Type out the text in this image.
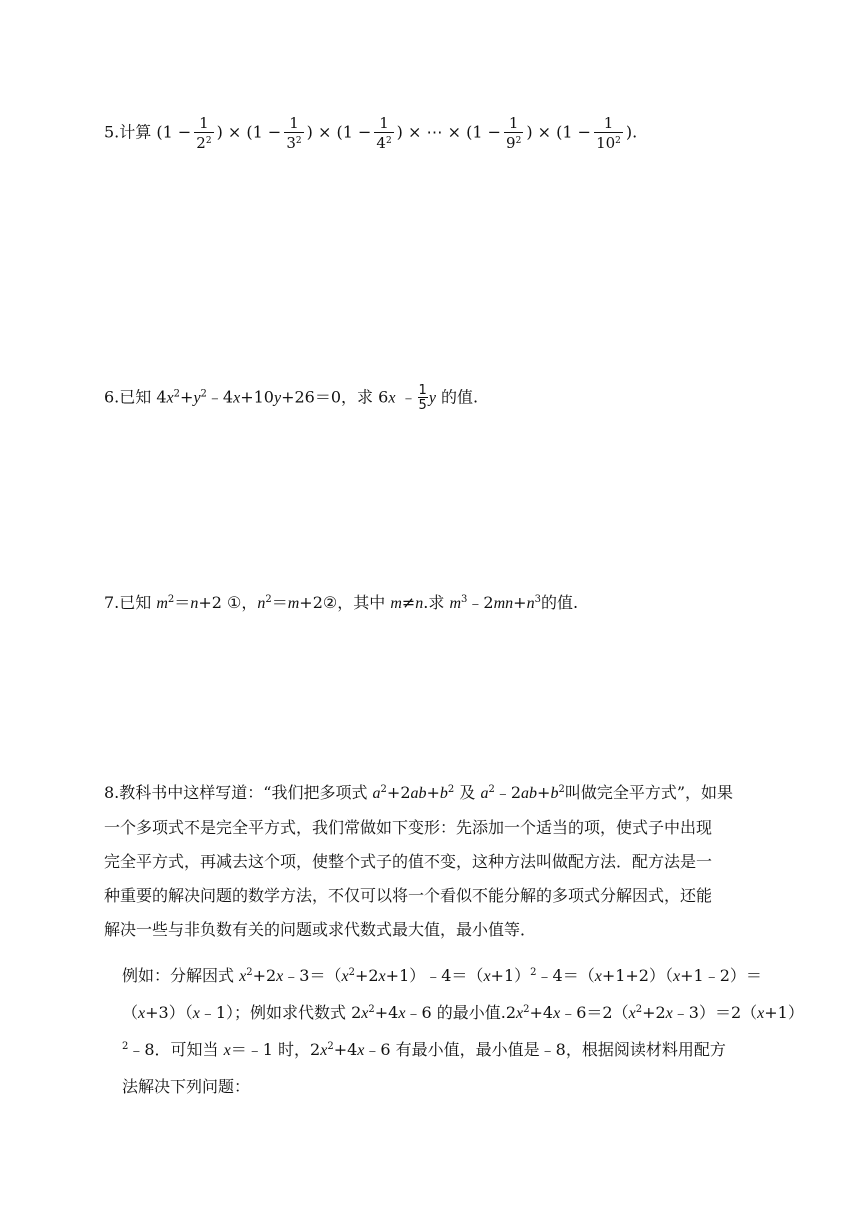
5.计算 ($1 - \frac{1}{2^2}$ ) × ($1 - \frac{1}{3^2}$ ) × ($1 - \frac{1}{4^2}$ ) × ⋯ × ($1 - \frac{1}{9^2}$ ) × ($1 - \frac{1}{10^2}$ ).
6.已知 $4x^2+y^2﹣4x+10y+26=0$，求 6x ﹣ $\frac{1}{5}$ y 的值.
7.已知 $m^2=n+2$ ①，$n^2=m+2②$，其中 m≠n.求 $m^3﹣2mn+n^3$的值.
8.教科书中这样写道：“我们把多项式 $a^2+2ab+b^2$ 及 $a^2﹣2ab+b^2$叫做完全平方式”，如果
一个多项式不是完全平方式，我们常做如下变形：先添加一个适当的项，使式子中出现
完全平方式，再减去这个项，使整个式子的值不变，这种方法叫做配方法．配方法是一
种重要的解决问题的数学方法，不仅可以将一个看似不能分解的多项式分解因式，还能
解决一些与非负数有关的问题或求代数式最大值，最小值等．
例如：分解因式 $x^2+2x﹣3=(x^2+2x+1)﹣4=(x+1)^2﹣4=(x+1+2)(x+1﹣2)=$
（x+3）（x﹣1）；例如求代数式 $2x^2+4x﹣6$ 的最小值$.2x^2+4x﹣6=2(x^2+2x﹣3)=2(x+1)$
$^2$﹣8．可知当 x＝﹣1 时，$2x^2+4x﹣6$ 有最小值，最小值是﹣8，根据阅读材料用配方
法解决下列问题：
